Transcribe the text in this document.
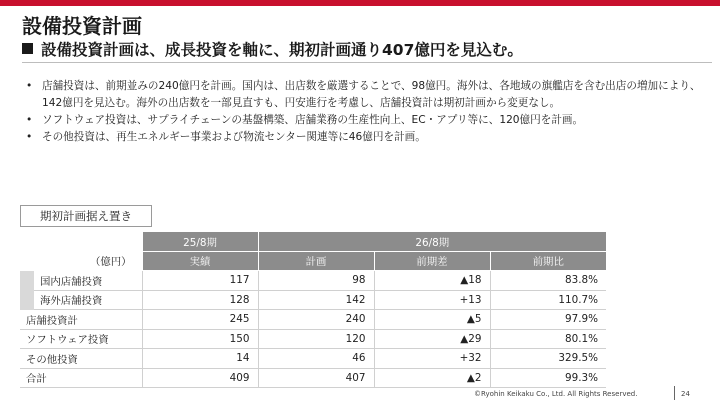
設備投資計画
設備投資計画は、成長投資を軸に、期初計画通り407億円を見込む。
• 店舗投資は、前期並みの240億円を計画。国内は、出店数を厳選することで、98億円。海外は、各地域の旗艦店を含む出店の増加により、142億円を見込む。海外の出店数を一部見直すも、円安進行を考慮し、店舗投資計は期初計画から変更なし。
• ソフトウェア投資は、サプライチェーンの基盤構築、店舗業務の生産性向上、EC・アプリ等に、120億円を計画。
• その他投資は、再生エネルギー事業および物流センター関連等に46億円を計画。
期初計画据え置き
		25/8期	26/8期		
（億円）		実績	計画	前期差	前期比
	国内店舗投資	117	98	▲18	83.8%
	海外店舗投資	128	142	+13	110.7%
店舗投資計		245	240	▲5	97.9%
ソフトウェア投資		150	120	▲29	80.1%
その他投資		14	46	+32	329.5%
合計		409	407	▲2	99.3%
©Ryohin Keikaku Co., Ltd. All Rights Reserved.	24
